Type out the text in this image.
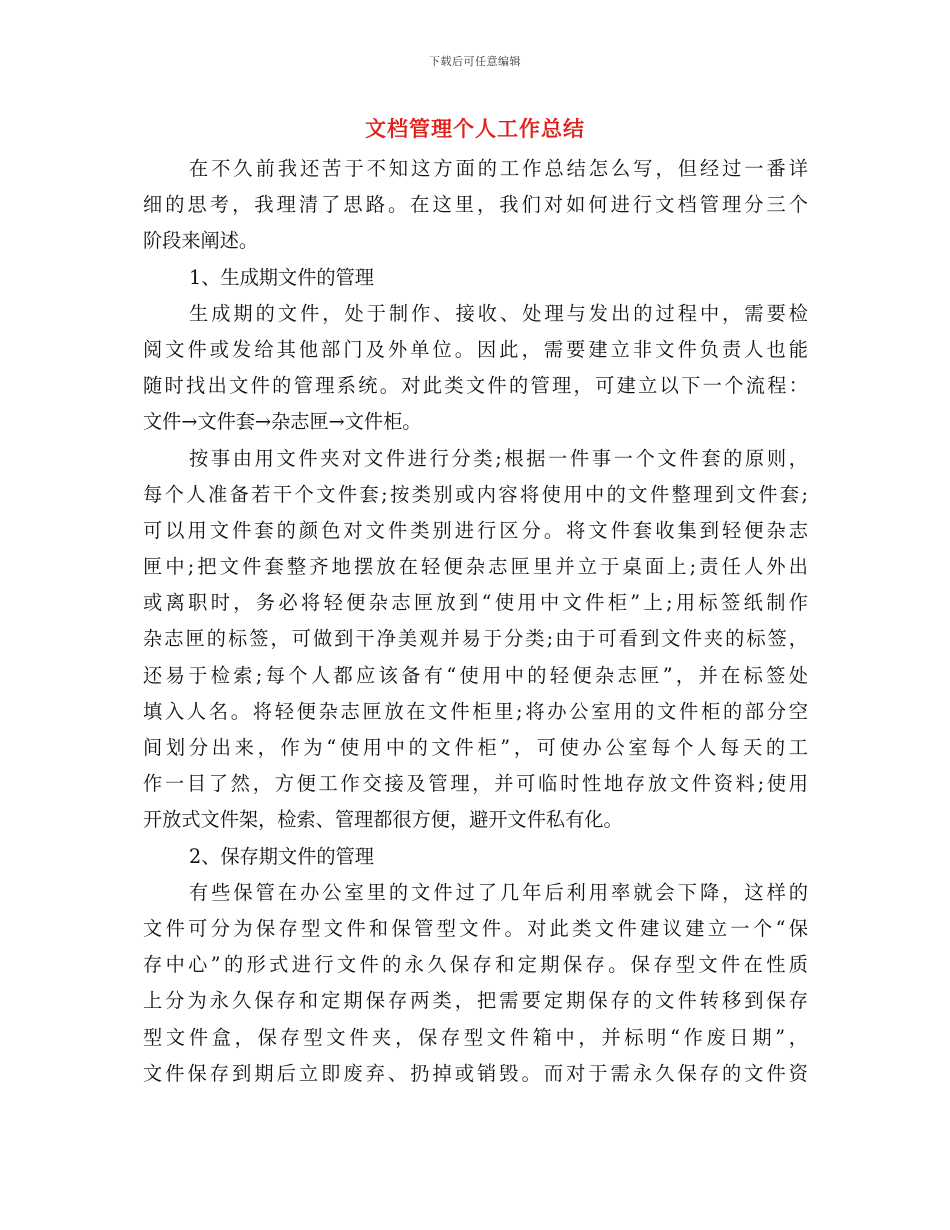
下载后可任意编辑
文档管理个人工作总结
在不久前我还苦于不知这方面的工作总结怎么写，但经过一番详
细的思考，我理清了思路。在这里，我们对如何进行文档管理分三个
阶段来阐述。
1、生成期文件的管理
生成期的文件，处于制作、接收、处理与发出的过程中，需要检
阅文件或发给其他部门及外单位。因此，需要建立非文件负责人也能
随时找出文件的管理系统。对此类文件的管理，可建立以下一个流程：
文件→文件套→杂志匣→文件柜。
按事由用文件夹对文件进行分类;根据一件事一个文件套的原则，
每个人准备若干个文件套;按类别或内容将使用中的文件整理到文件套;
可以用文件套的颜色对文件类别进行区分。将文件套收集到轻便杂志
匣中;把文件套整齐地摆放在轻便杂志匣里并立于桌面上;责任人外出
或离职时，务必将轻便杂志匣放到“使用中文件柜”上;用标签纸制作
杂志匣的标签，可做到干净美观并易于分类;由于可看到文件夹的标签，
还易于检索;每个人都应该备有“使用中的轻便杂志匣”，并在标签处
填入人名。将轻便杂志匣放在文件柜里;将办公室用的文件柜的部分空
间划分出来，作为“使用中的文件柜”，可使办公室每个人每天的工
作一目了然，方便工作交接及管理，并可临时性地存放文件资料;使用
开放式文件架，检索、管理都很方便，避开文件私有化。
2、保存期文件的管理
有些保管在办公室里的文件过了几年后利用率就会下降，这样的
文件可分为保存型文件和保管型文件。对此类文件建议建立一个“保
存中心”的形式进行文件的永久保存和定期保存。保存型文件在性质
上分为永久保存和定期保存两类，把需要定期保存的文件转移到保存
型文件盒，保存型文件夹，保存型文件箱中，并标明“作废日期”，
文件保存到期后立即废弃、扔掉或销毁。而对于需永久保存的文件资
